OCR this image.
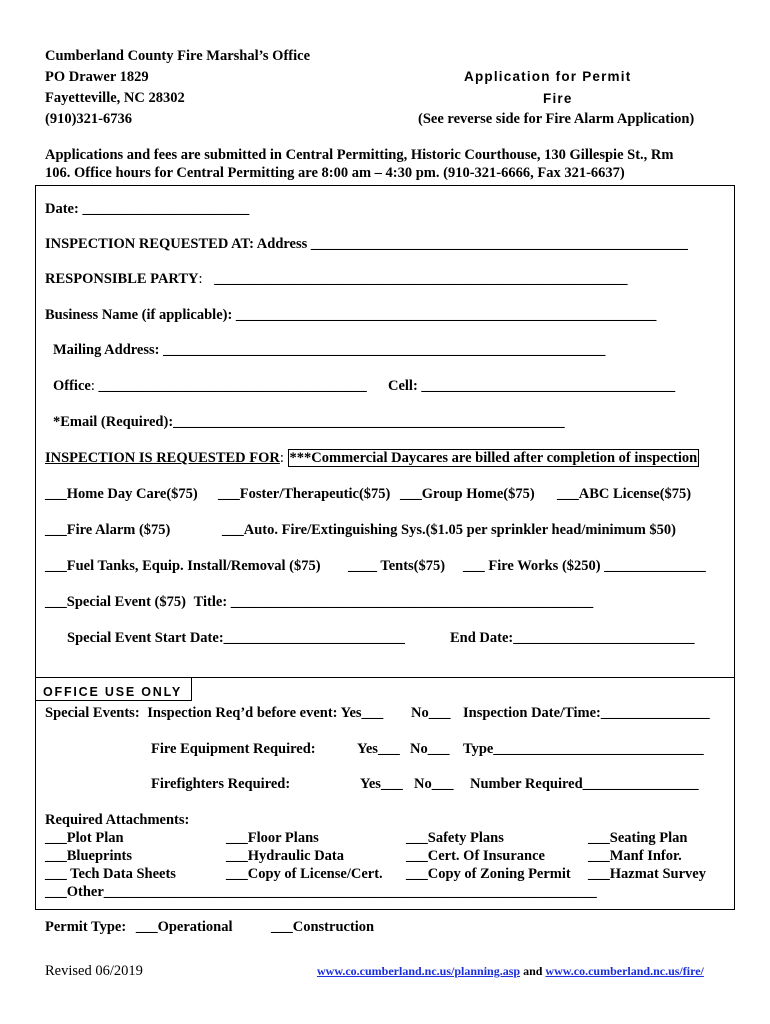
Cumberland County Fire Marshal’s Office
PO Drawer 1829
Fayetteville, NC 28302
(910)321-6736
Application for Permit
Fire
(See reverse side for Fire Alarm Application)
Applications and fees are submitted in Central Permitting, Historic Courthouse, 130 Gillespie St., Rm
106. Office hours for Central Permitting are 8:00 am – 4:30 pm. (910-321-6666, Fax 321-6637)
Date: _______________________
INSPECTION REQUESTED AT: Address ____________________________________________________
RESPONSIBLE PARTY: _________________________________________________________
Business Name (if applicable): __________________________________________________________
Mailing Address: _____________________________________________________________
Office: _____________________________________ Cell: ___________________________________
*Email (Required):______________________________________________________
INSPECTION IS REQUESTED FOR: ***Commercial Daycares are billed after completion of inspection
___Home Day Care($75) ___Foster/Therapeutic($75) ___Group Home($75) ___ABC License($75)
___Fire Alarm ($75)	___Auto. Fire/Extinguishing Sys.($1.05 per sprinkler head/minimum $50)
___Fuel Tanks, Equip. Install/Removal ($75) ____ Tents($75) ___ Fire Works ($250) ______________
___Special Event ($75) Title: __________________________________________________
Special Event Start Date:_________________________	End Date:_________________________
OFFICE USE ONLY
Special Events: Inspection Req’d before event: Yes___ No___ Inspection Date/Time:_______________
Fire Equipment Required:	Yes___ No___ Type_____________________________
Firefighters Required:	Yes___ No___ Number Required________________
Required Attachments:
___Plot Plan	___Floor Plans	___Safety Plans	___Seating Plan
___Blueprints	___Hydraulic Data	___Cert. Of Insurance	___Manf Infor.
___ Tech Data Sheets	___Copy of License/Cert. ___Copy of Zoning Permit ___Hazmat Survey
___Other____________________________________________________________________
Permit Type: ___Operational	___Construction
Revised 06/2019	www.co.cumberland.nc.us/planning.asp and www.co.cumberland.nc.us/fire/
